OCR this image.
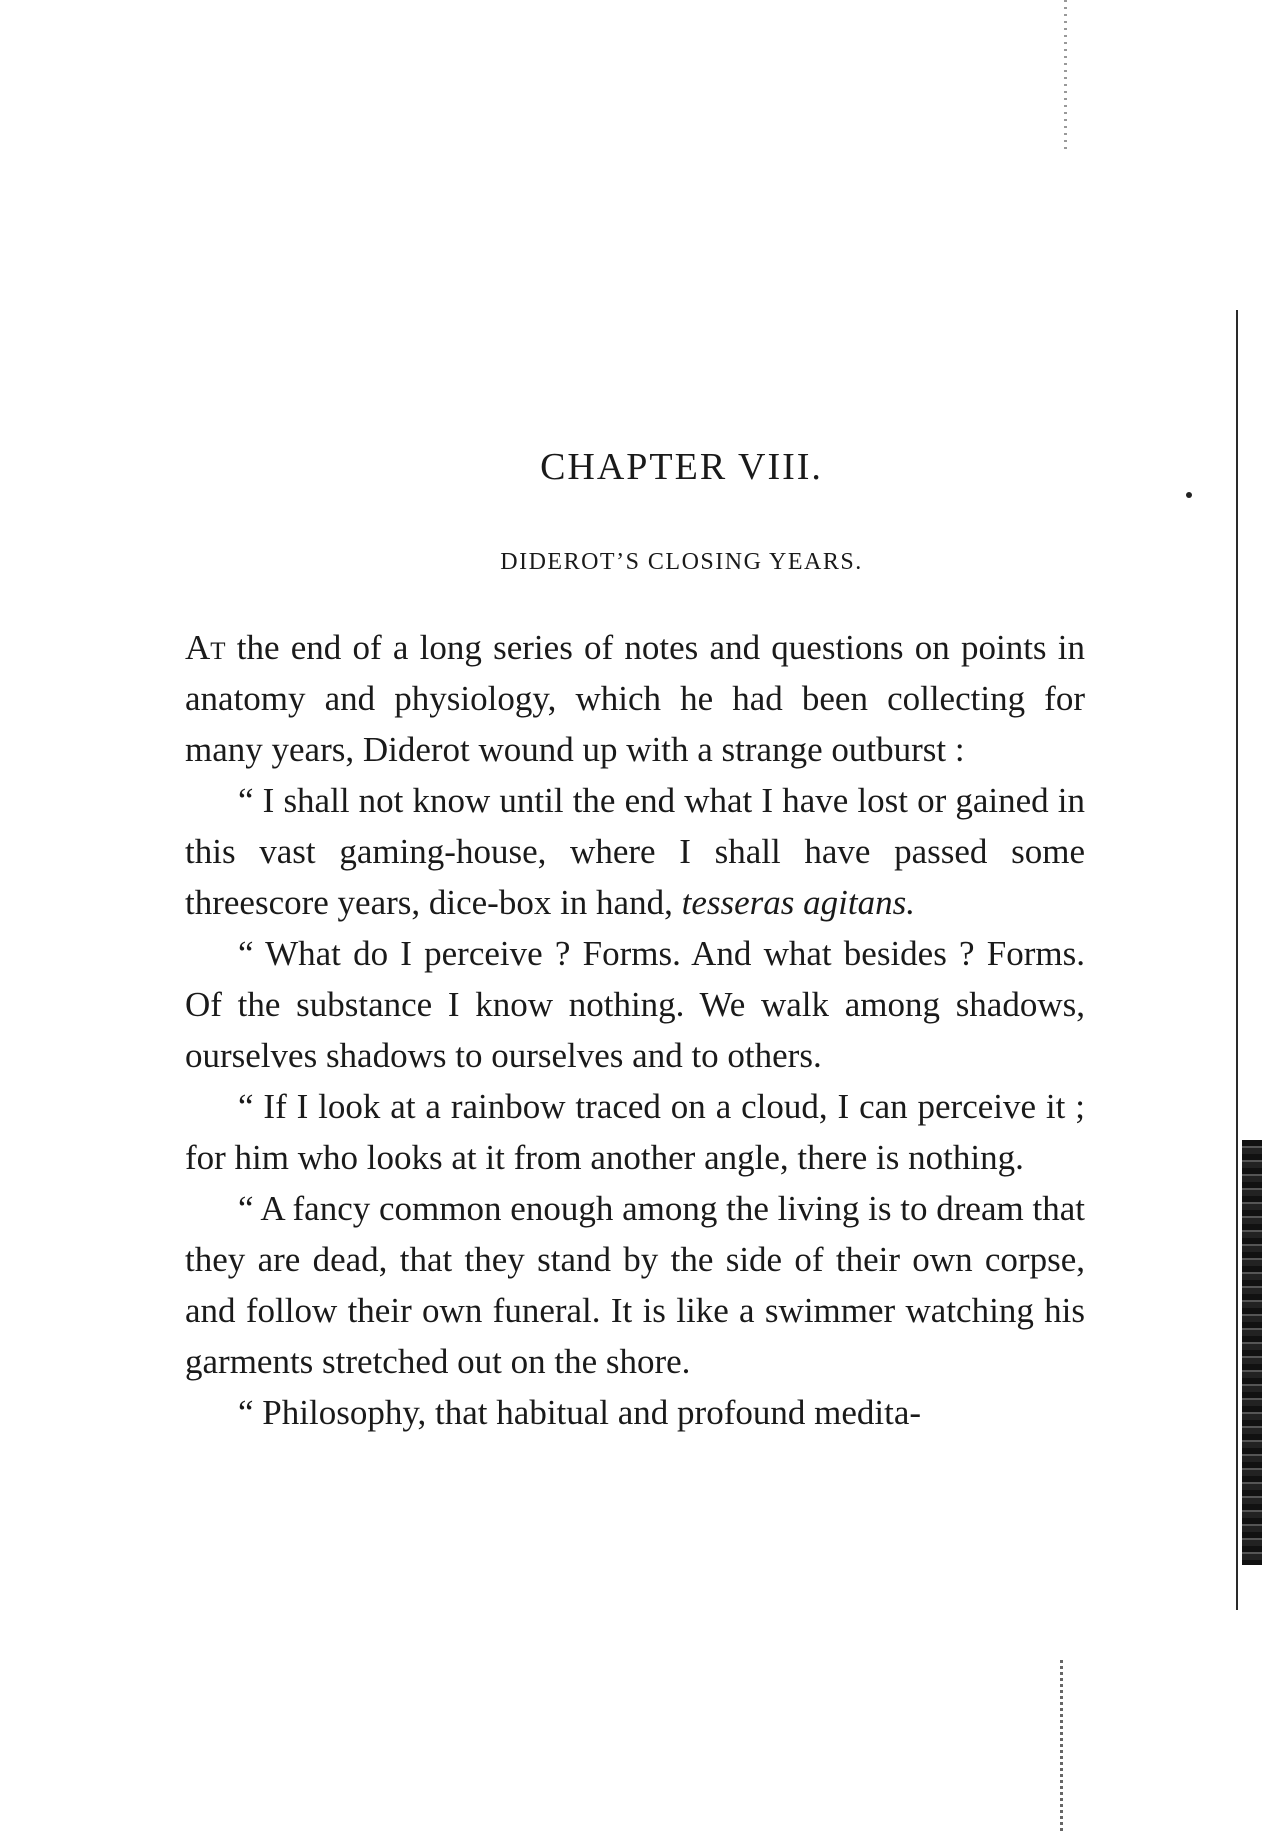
CHAPTER VIII.
DIDEROT’S CLOSING YEARS.

At the end of a long series of notes and questions on points in anatomy and physiology, which he had been collecting for many years, Diderot wound up with a strange outburst :

“ I shall not know until the end what I have lost or gained in this vast gaming-house, where I shall have passed some threescore years, dice-box in hand, tesseras agitans.

“ What do I perceive ? Forms. And what besides ? Forms. Of the substance I know nothing. We walk among shadows, ourselves shadows to ourselves and to others.

“ If I look at a rainbow traced on a cloud, I can perceive it ; for him who looks at it from another angle, there is nothing.

“ A fancy common enough among the living is to dream that they are dead, that they stand by the side of their own corpse, and follow their own funeral. It is like a swimmer watching his garments stretched out on the shore.

“ Philosophy, that habitual and profound medita-
